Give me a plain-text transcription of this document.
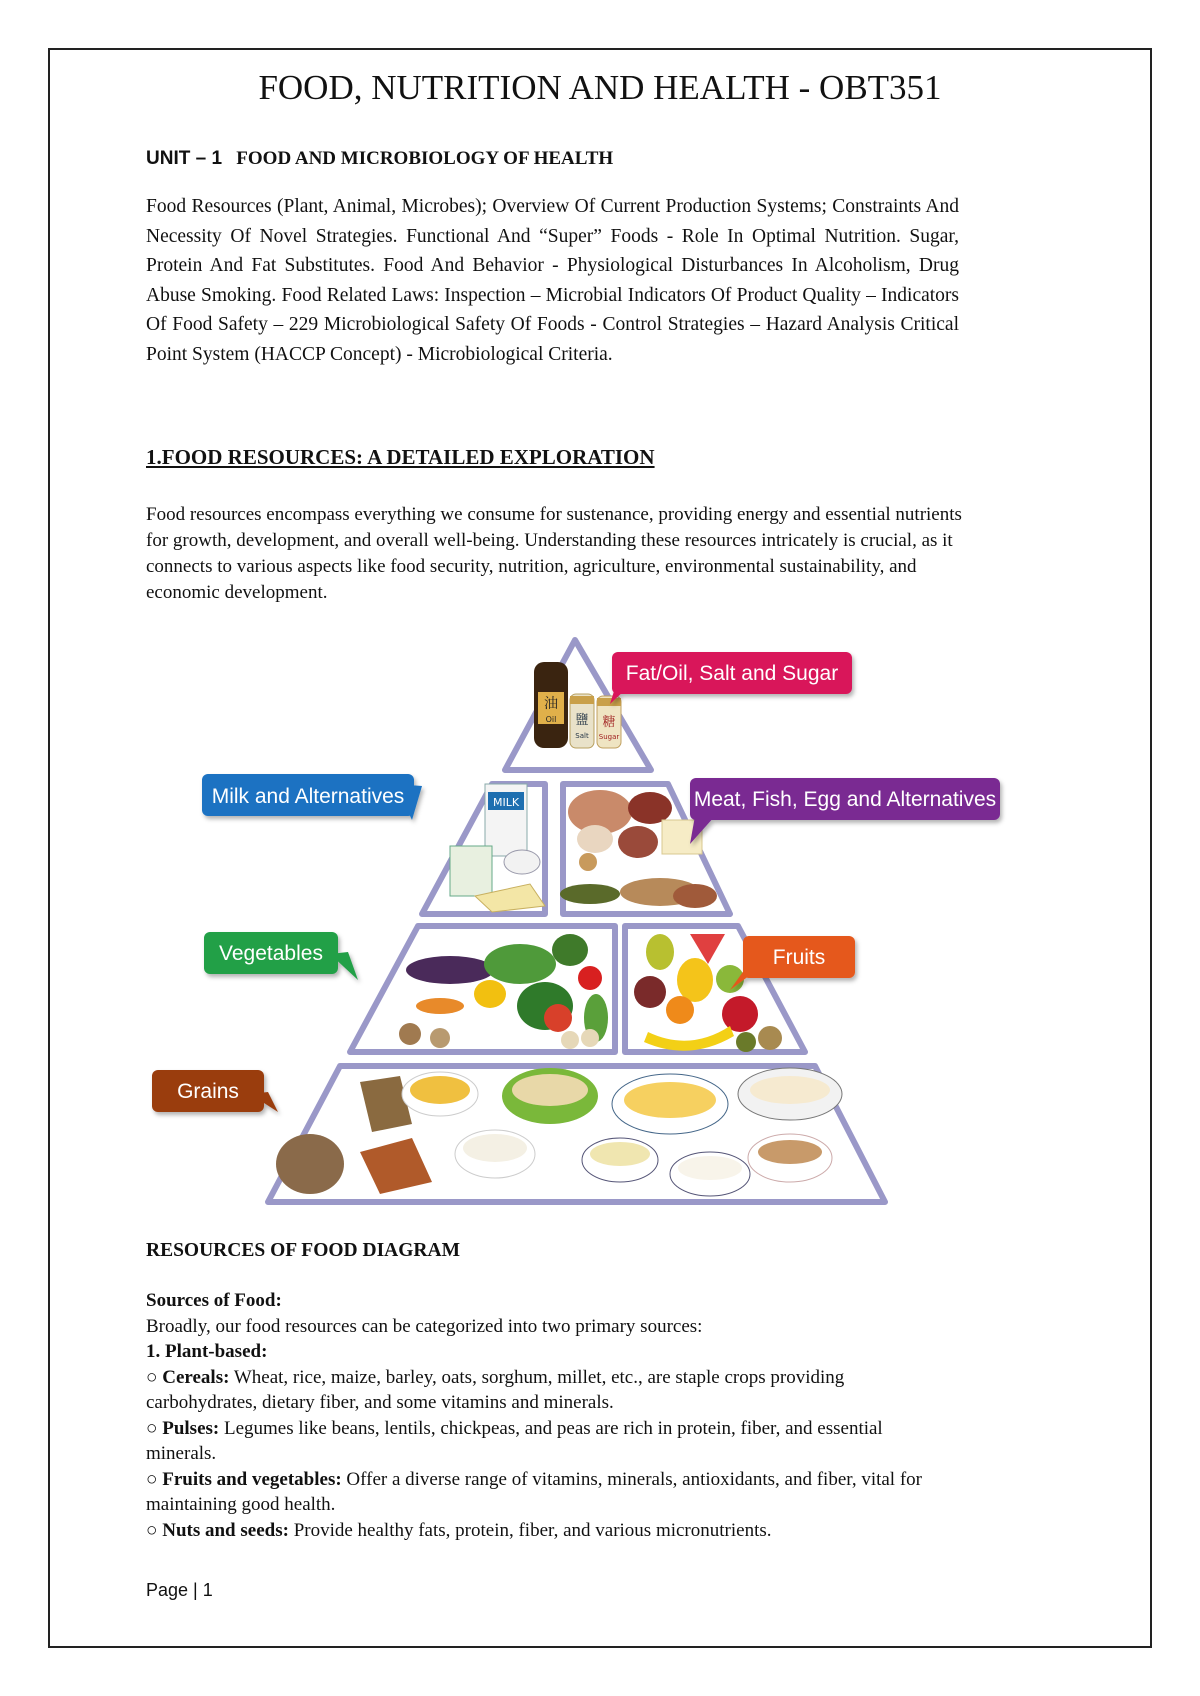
FOOD, NUTRITION AND HEALTH - OBT351
UNIT – 1 FOOD AND MICROBIOLOGY OF HEALTH

Food Resources (Plant, Animal, Microbes); Overview Of Current Production Systems; Constraints And Necessity Of Novel Strategies. Functional And “Super” Foods - Role In Optimal Nutrition. Sugar, Protein And Fat Substitutes. Food And Behavior - Physiological Disturbances In Alcoholism, Drug Abuse Smoking. Food Related Laws: Inspection – Microbial Indicators Of Product Quality – Indicators Of Food Safety – 229 Microbiological Safety Of Foods - Control Strategies – Hazard Analysis Critical Point System (HACCP Concept) - Microbiological Criteria.

1.FOOD RESOURCES: A DETAILED EXPLORATION

Food resources encompass everything we consume for sustenance, providing energy and essential nutrients for growth, development, and overall well-being. Understanding these resources intricately is crucial, as it connects to various aspects like food security, nutrition, agriculture, environmental sustainability, and economic development.

油
Oil 鹽
Salt
糖
Sugar
MILK
Fat/Oil, Salt and Sugar
Milk and Alternatives	Meat, Fish, Egg and Alternatives
Vegetables	Fruits
Grains
RESOURCES OF FOOD DIAGRAM
Sources of Food:
Broadly, our food resources can be categorized into two primary sources:
1. Plant-based:
○ Cereals: Wheat, rice, maize, barley, oats, sorghum, millet, etc., are staple crops providing carbohydrates, dietary fiber, and some vitamins and minerals.
○ Pulses: Legumes like beans, lentils, chickpeas, and peas are rich in protein, fiber, and essential minerals.
○ Fruits and vegetables: Offer a diverse range of vitamins, minerals, antioxidants, and fiber, vital for maintaining good health.
○ Nuts and seeds: Provide healthy fats, protein, fiber, and various micronutrients.
Page | 1
